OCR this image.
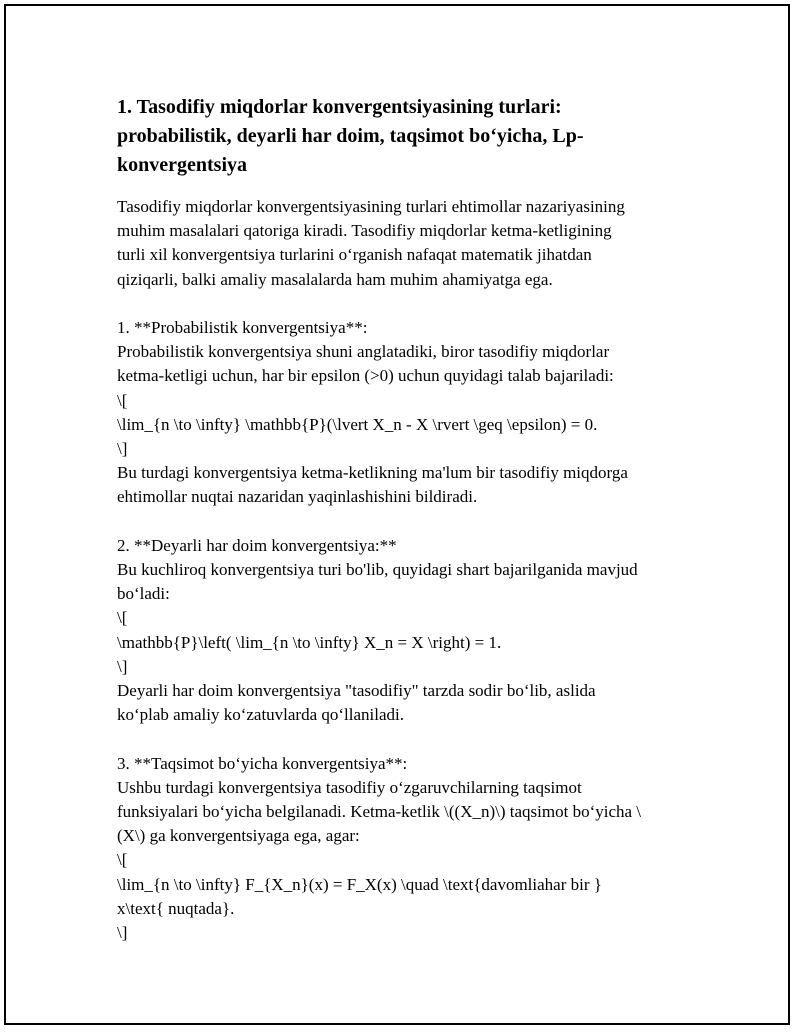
1. Tasodifiy miqdorlar konvergentsiyasining turlari:
probabilistik, deyarli har doim, taqsimot bo‘yicha, Lp-
konvergentsiya
Tasodifiy miqdorlar konvergentsiyasining turlari ehtimollar nazariyasining
muhim masalalari qatoriga kiradi. Tasodifiy miqdorlar ketma-ketligining
turli xil konvergentsiya turlarini o‘rganish nafaqat matematik jihatdan
qiziqarli, balki amaliy masalalarda ham muhim ahamiyatga ega.
1. **Probabilistik konvergentsiya**:
Probabilistik konvergentsiya shuni anglatadiki, biror tasodifiy miqdorlar
ketma-ketligi uchun, har bir epsilon (>0) uchun quyidagi talab bajariladi:
\[
\lim_{n \to \infty} \mathbb{P}(\lvert X_n - X \rvert \geq \epsilon) = 0.
\]
Bu turdagi konvergentsiya ketma-ketlikning ma'lum bir tasodifiy miqdorga
ehtimollar nuqtai nazaridan yaqinlashishini bildiradi.
2. **Deyarli har doim konvergentsiya:**
Bu kuchliroq konvergentsiya turi bo'lib, quyidagi shart bajarilganida mavjud
bo‘ladi:
\[
\mathbb{P}\left( \lim_{n \to \infty} X_n = X \right) = 1.
\]
Deyarli har doim konvergentsiya "tasodifiy" tarzda sodir bo‘lib, aslida
ko‘plab amaliy ko‘zatuvlarda qo‘llaniladi.
3. **Taqsimot bo‘yicha konvergentsiya**:
Ushbu turdagi konvergentsiya tasodifiy o‘zgaruvchilarning taqsimot
funksiyalari bo‘yicha belgilanadi. Ketma-ketlik \((X_n)\) taqsimot bo‘yicha \
(X\) ga konvergentsiyaga ega, agar:
\[
\lim_{n \to \infty} F_{X_n}(x) = F_X(x) \quad \text{davomliahar bir }
x\text{ nuqtada}.
\]
